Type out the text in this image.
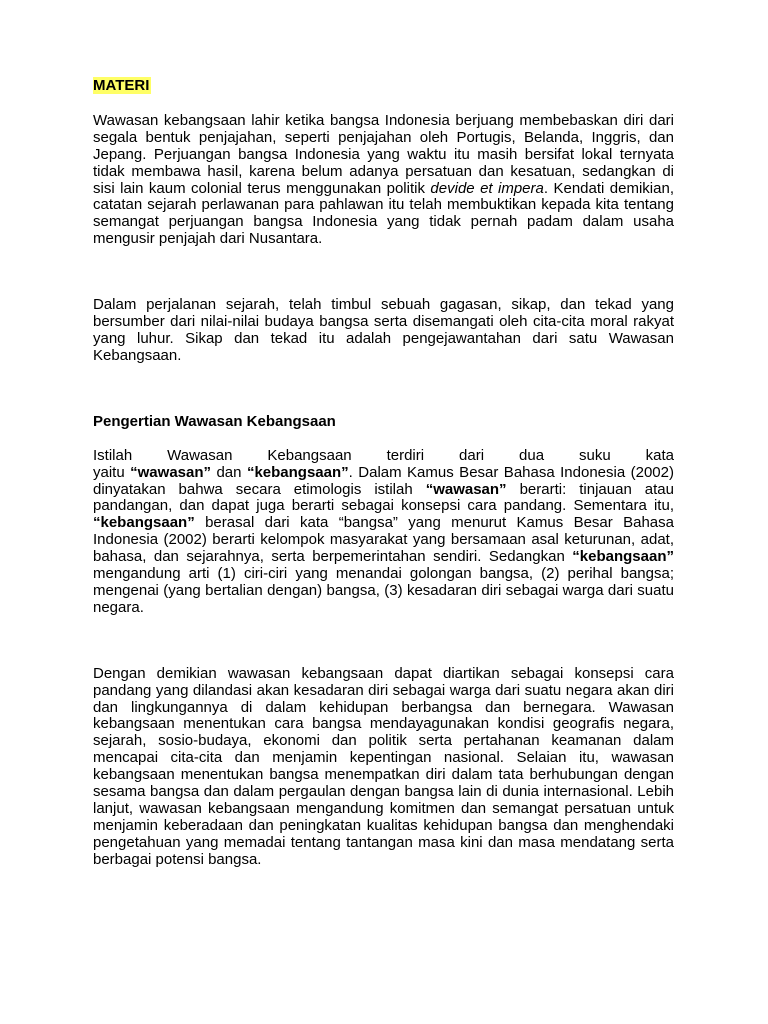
MATERI

Wawasan kebangsaan lahir ketika bangsa Indonesia berjuang membebaskan diri dari segala bentuk penjajahan, seperti penjajahan oleh Portugis, Belanda, Inggris, dan Jepang. Perjuangan bangsa Indonesia yang waktu itu masih bersifat lokal ternyata tidak membawa hasil, karena belum adanya persatuan dan kesatuan, sedangkan di sisi lain kaum colonial terus menggunakan politik devide et impera. Kendati demikian, catatan sejarah perlawanan para pahlawan itu telah membuktikan kepada kita tentang semangat perjuangan bangsa Indonesia yang tidak pernah padam dalam usaha mengusir penjajah dari Nusantara.

Dalam perjalanan sejarah, telah timbul sebuah gagasan, sikap, dan tekad yang bersumber dari nilai-nilai budaya bangsa serta disemangati oleh cita-cita moral rakyat yang luhur. Sikap dan tekad itu adalah pengejawantahan dari satu Wawasan Kebangsaan.

Pengertian Wawasan Kebangsaan

Istilah Wawasan Kebangsaan terdiri dari dua suku kata

yaitu “wawasan” dan “kebangsaan”. Dalam Kamus Besar Bahasa Indonesia (2002) dinyatakan bahwa secara etimologis istilah “wawasan” berarti: tinjauan atau pandangan, dan dapat juga berarti sebagai konsepsi cara pandang. Sementara itu, “kebangsaan” berasal dari kata “bangsa” yang menurut Kamus Besar Bahasa Indonesia (2002) berarti kelompok masyarakat yang bersamaan asal keturunan, adat, bahasa, dan sejarahnya, serta berpemerintahan sendiri. Sedangkan “kebangsaan” mengandung arti (1) ciri-ciri yang menandai golongan bangsa, (2) perihal bangsa; mengenai (yang bertalian dengan) bangsa, (3) kesadaran diri sebagai warga dari suatu negara.

Dengan demikian wawasan kebangsaan dapat diartikan sebagai konsepsi cara pandang yang dilandasi akan kesadaran diri sebagai warga dari suatu negara akan diri dan lingkungannya di dalam kehidupan berbangsa dan bernegara. Wawasan kebangsaan menentukan cara bangsa mendayagunakan kondisi geografis negara, sejarah, sosio-budaya, ekonomi dan politik serta pertahanan keamanan dalam mencapai cita-cita dan menjamin kepentingan nasional. Selaian itu, wawasan kebangsaan menentukan bangsa menempatkan diri dalam tata berhubungan dengan sesama bangsa dan dalam pergaulan dengan bangsa lain di dunia internasional. Lebih lanjut, wawasan kebangsaan mengandung komitmen dan semangat persatuan untuk menjamin keberadaan dan peningkatan kualitas kehidupan bangsa dan menghendaki pengetahuan yang memadai tentang tantangan masa kini dan masa mendatang serta berbagai potensi bangsa.
